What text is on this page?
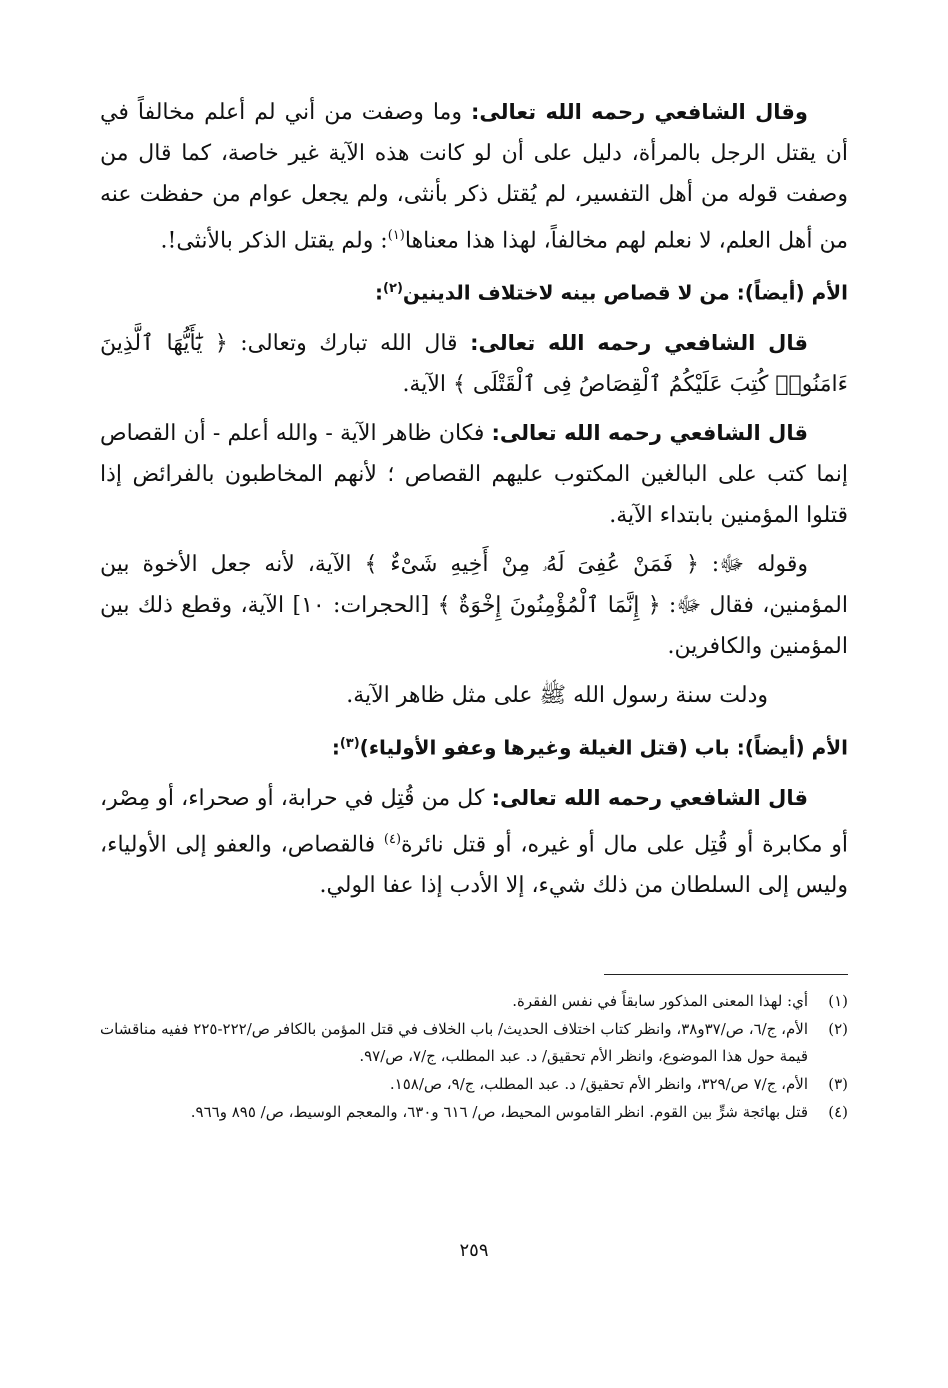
وقال الشافعي رحمه الله تعالى: وما وصفت من أني لم أعلم مخالفاً في أن يقتل الرجل بالمرأة، دليل على أن لو كانت هذه الآية غير خاصة، كما قال من وصفت قوله من أهل التفسير، لم يُقتل ذكر بأنثى، ولم يجعل عوام من حفظت عنه من أهل العلم، لا نعلم لهم مخالفاً، لهذا هذا معناها$^{(١)}$: ولم يقتل الذكر بالأنثى!.

الأم (أيضاً): من لا قصاص بينه لاختلاف الدينين$^{(٢)}$:

قال الشافعي رحمه الله تعالى: قال الله تبارك وتعالى: ﴿ يَٰٓأَيُّهَا ٱلَّذِينَ ءَامَنُوا۟ كُتِبَ عَلَيْكُمُ ٱلْقِصَاصُ فِى ٱلْقَتْلَى ﴾ الآية.

قال الشافعي رحمه الله تعالى: فكان ظاهر الآية - والله أعلم - أن القصاص إنما كتب على البالغين المكتوب عليهم القصاص ؛ لأنهم المخاطبون بالفرائض إذا قتلوا المؤمنين بابتداء الآية.

وقوله ﷻ: ﴿ فَمَنْ عُفِىَ لَهُۥ مِنْ أَخِيهِ شَىْءٌ ﴾ الآية، لأنه جعل الأخوة بين المؤمنين، فقال ﷻ: ﴿ إِنَّمَا ٱلْمُؤْمِنُونَ إِخْوَةٌ ﴾ [الحجرات: ١٠] الآية، وقطع ذلك بين المؤمنين والكافرين.

ودلت سنة رسول الله ﷺ على مثل ظاهر الآية.

الأم (أيضاً): باب (قتل الغيلة وغيرها وعفو الأولياء)$^{(٣)}$:

قال الشافعي رحمه الله تعالى: كل من قُتِل في حرابة، أو صحراء، أو مِصْر، أو مكابرة أو قُتِل على مال أو غيره، أو قتل نائرة$^{(٤)}$ فالقصاص، والعفو إلى الأولياء، وليس إلى السلطان من ذلك شيء، إلا الأدب إذا عفا الولي.

(١)
أي: لهذا المعنى المذكور سابقاً في نفس الفقرة.
(٢)
الأم، ج/٦، ص/٣٧و٣٨، وانظر كتاب اختلاف الحديث/ باب الخلاف في قتل المؤمن بالكافر ص/٢٢٢-٢٢٥ ففيه مناقشات قيمة حول هذا الموضوع، وانظر الأم تحقيق/ د. عبد المطلب، ج/٧، ص/٩٧.
(٣)
الأم، ج/٧ ص/٣٢٩، وانظر الأم تحقيق/ د. عبد المطلب، ج/٩، ص/١٥٨.
(٤)
قتل بهائجة شرٍّ بين القوم. انظر القاموس المحيط، ص/ ٦١٦ و٦٣٠، والمعجم الوسيط، ص/ ٨٩٥ و٩٦٦.
٢٥٩
